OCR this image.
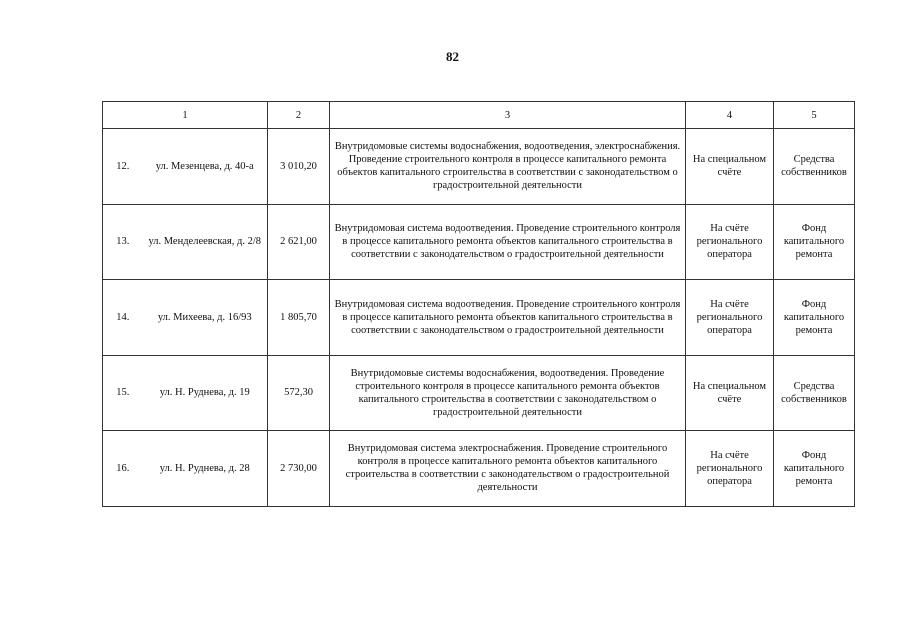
82
1		2	3	4	5
12.	ул. Мезенцева, д. 40-а	3 010,20	Внутридомовые системы водоснабжения, водоотведения, электроснабжения. Проведение строительного контроля в процессе капитального ремонта объектов капитального строительства в соответствии с законодательством о градостроительной деятельности	На специальном счёте	Средства собственников
13.	ул. Менделеевская, д. 2/8	2 621,00	Внутридомовая система водоотведения. Проведение строительного контроля в процессе капитального ремонта объектов капитального строительства в соответствии с законодательством о градостроительной деятельности	На счёте регионального оператора	Фонд капитального ремонта
14.	ул. Михеева, д. 16/93	1 805,70	Внутридомовая система водоотведения. Проведение строительного контроля в процессе капитального ремонта объектов капитального строительства в соответствии с законодательством о градостроительной деятельности	На счёте регионального оператора	Фонд капитального ремонта
15.	ул. Н. Руднева, д. 19	572,30	Внутридомовые системы водоснабжения, водоотведения. Проведение строительного контроля в процессе капитального ремонта объектов капитального строительства в соответствии с законодательством о градостроительной деятельности	На специальном счёте	Средства собственников
16.	ул. Н. Руднева, д. 28	2 730,00	Внутридомовая система электроснабжения. Проведение строительного контроля в процессе капитального ремонта объектов капитального строительства в соответствии с законодательством о градостроительной деятельности	На счёте регионального оператора	Фонд капитального ремонта
